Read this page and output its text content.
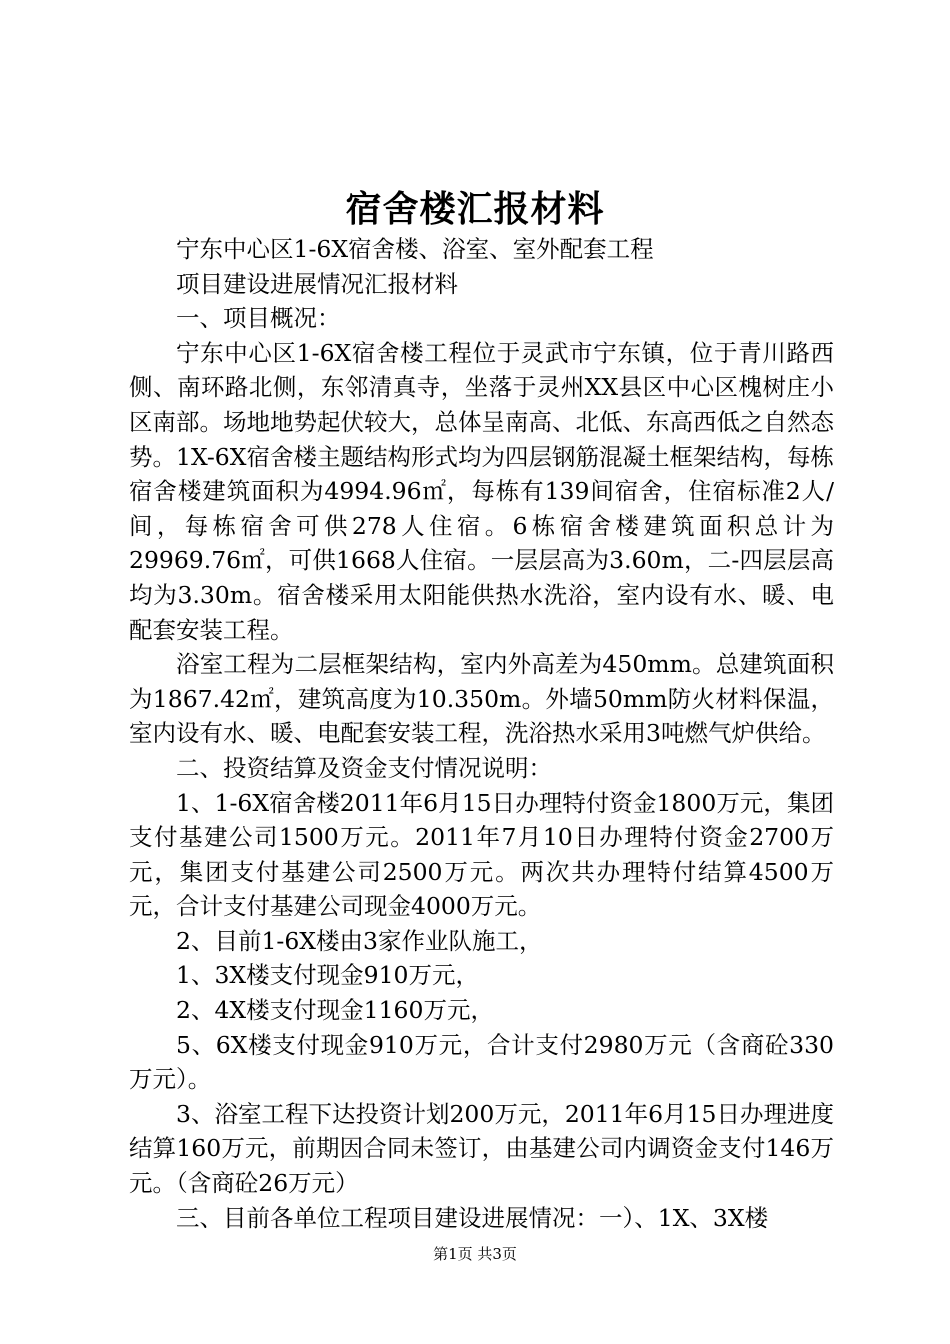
宿舍楼汇报材料

宁东中心区1-6X宿舍楼、浴室、室外配套工程

项目建设进展情况汇报材料

一、项目概况：

宁东中心区1-6X宿舍楼工程位于灵武市宁东镇，位于青川路西侧、南环路北侧，东邻清真寺，坐落于灵州XX县区中心区槐树庄小区南部。场地地势起伏较大，总体呈南高、北低、东高西低之自然态势。1X-6X宿舍楼主题结构形式均为四层钢筋混凝土框架结构，每栋宿舍楼建筑面积为4994.96㎡，每栋有139间宿舍，住宿标准2人/间，每栋宿舍可供278人住宿。6栋宿舍楼建筑面积总计为29969.76㎡，可供1668人住宿。一层层高为3.60m，二-四层层高均为3.30m。宿舍楼采用太阳能供热水洗浴，室内设有水、暖、电配套安装工程。

浴室工程为二层框架结构，室内外高差为450mm。总建筑面积为1867.42㎡，建筑高度为10.350m。外墙50mm防火材料保温，室内设有水、暖、电配套安装工程，洗浴热水采用3吨燃气炉供给。

二、投资结算及资金支付情况说明：

1、1-6X宿舍楼2011年6月15日办理特付资金1800万元，集团支付基建公司1500万元。2011年7月10日办理特付资金2700万元，集团支付基建公司2500万元。两次共办理特付结算4500万元，合计支付基建公司现金4000万元。

2、目前1-6X楼由3家作业队施工，

1、3X楼支付现金910万元，

2、4X楼支付现金1160万元，

5、6X楼支付现金910万元，合计支付2980万元（含商砼330万元）。

3、浴室工程下达投资计划200万元，2011年6月15日办理进度结算160万元，前期因合同未签订，由基建公司内调资金支付146万元。（含商砼26万元）

三、目前各单位工程项目建设进展情况：一）、1X、3X楼

第1页 共3页
